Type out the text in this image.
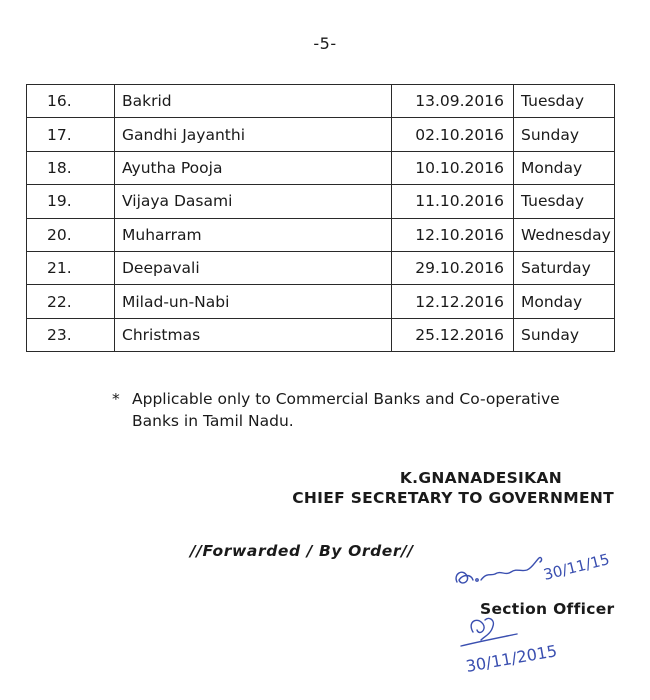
-5-
16.	Bakrid	13.09.2016	Tuesday
17.	Gandhi Jayanthi	02.10.2016	Sunday
18.	Ayutha Pooja	10.10.2016	Monday
19.	Vijaya Dasami	11.10.2016	Tuesday
20.	Muharram	12.10.2016	Wednesday
21.	Deepavali	29.10.2016	Saturday
22.	Milad-un-Nabi	12.12.2016	Monday
23.	Christmas	25.12.2016	Sunday
* Applicable only to Commercial Banks and Co-operative
Banks in Tamil Nadu.
K.GNANADESIKAN
CHIEF SECRETARY TO GOVERNMENT
//Forwarded / By Order//	30/11/15
30/11/2015
Section Officer
